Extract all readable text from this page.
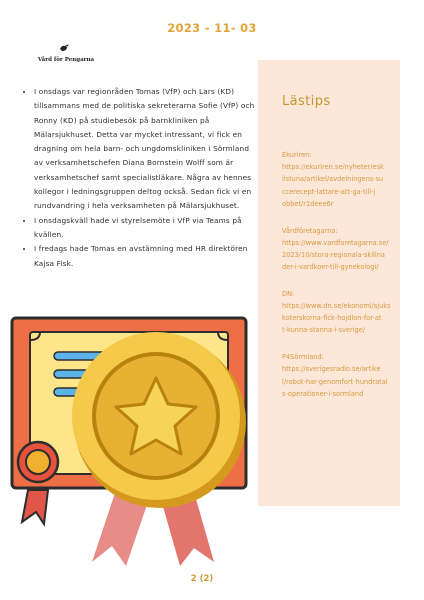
2023 - 11- 03
Vård för Pengarna
• I onsdags var regionråden Tomas (VfP) och Lars (KD) tillsammans med de politiska sekreterarna Sofie (VfP) och Ronny (KD) på studiebesök på barnkliniken på Mälarsjukhuset. Detta var mycket intressant, vi fick en dragning om hela barn- och ungdomskliniken i Sörmland av verksamhetschefen Diana Bornstein Wolff som är verksamhetschef samt specialistläkare. Några av hennes kollegor i ledningsgruppen deltog också. Sedan fick vi en rundvandring i hela verksamheten på Mälarsjukhuset.
• I onsdagskväll hade vi styrelsemöte i VfP via Teams på kvällen.
• I fredags hade Tomas en avstämning med HR direktören Kajsa Fisk.
Lästips
Ekuriren:
https://ekuriren.se/nyheter/esk
ilstuna/artikel/avdelningens-su
ccerecept-lattare-att-ga-till-j
obbet/r1deee6r
Vårdföretagarna:
https://www.vardforetagarna.se/
2023/10/stora-regionala-skillna
der-i-vardkoer-till-gynekologi/
DN:
https://www.dn.se/ekonomi/sjuks
koterskorna-fick-hojdlon-for-at
t-kunna-stanna-i-sverige/
P4Sörmland:
https://sverigesradio.se/artike
l/robot-har-genomfort-hundratal
s-operationer-i-sormland
2 (2)
